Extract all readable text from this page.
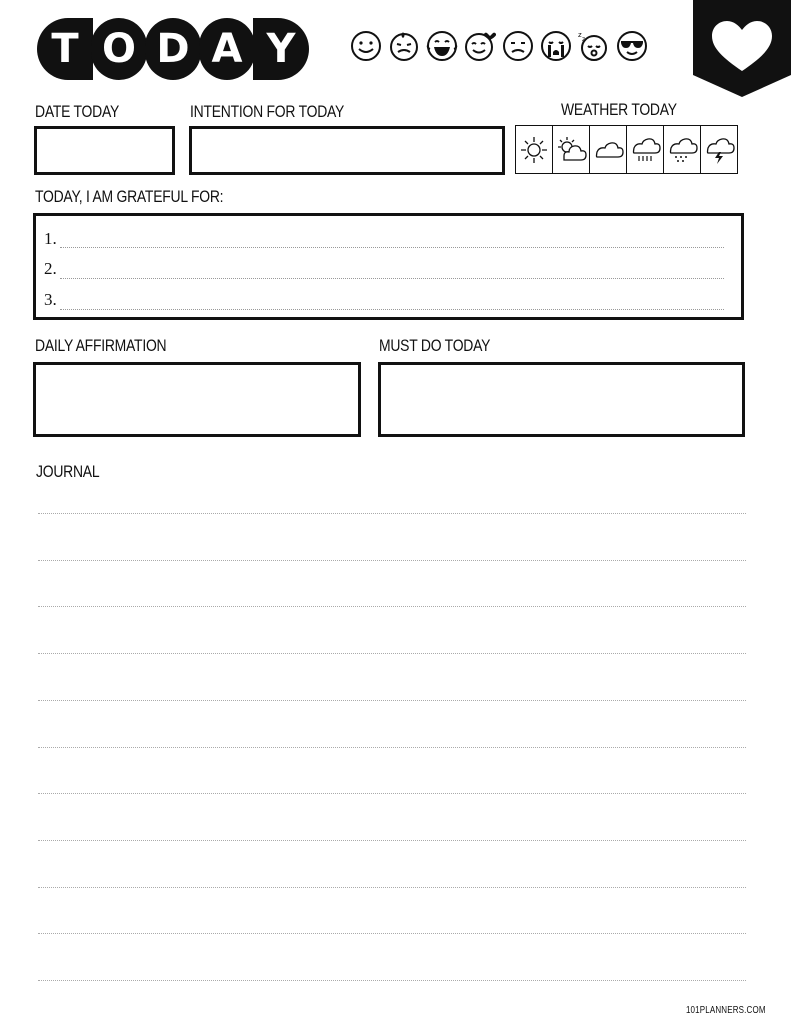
T O D A Y	z
z
DATE TODAY	INTENTION FOR TODAY	WEATHER TODAY
TODAY, I AM GRATEFUL FOR:
1.
2.
3.
DAILY AFFIRMATION	MUST DO TODAY
JOURNAL
101PLANNERS.COM
